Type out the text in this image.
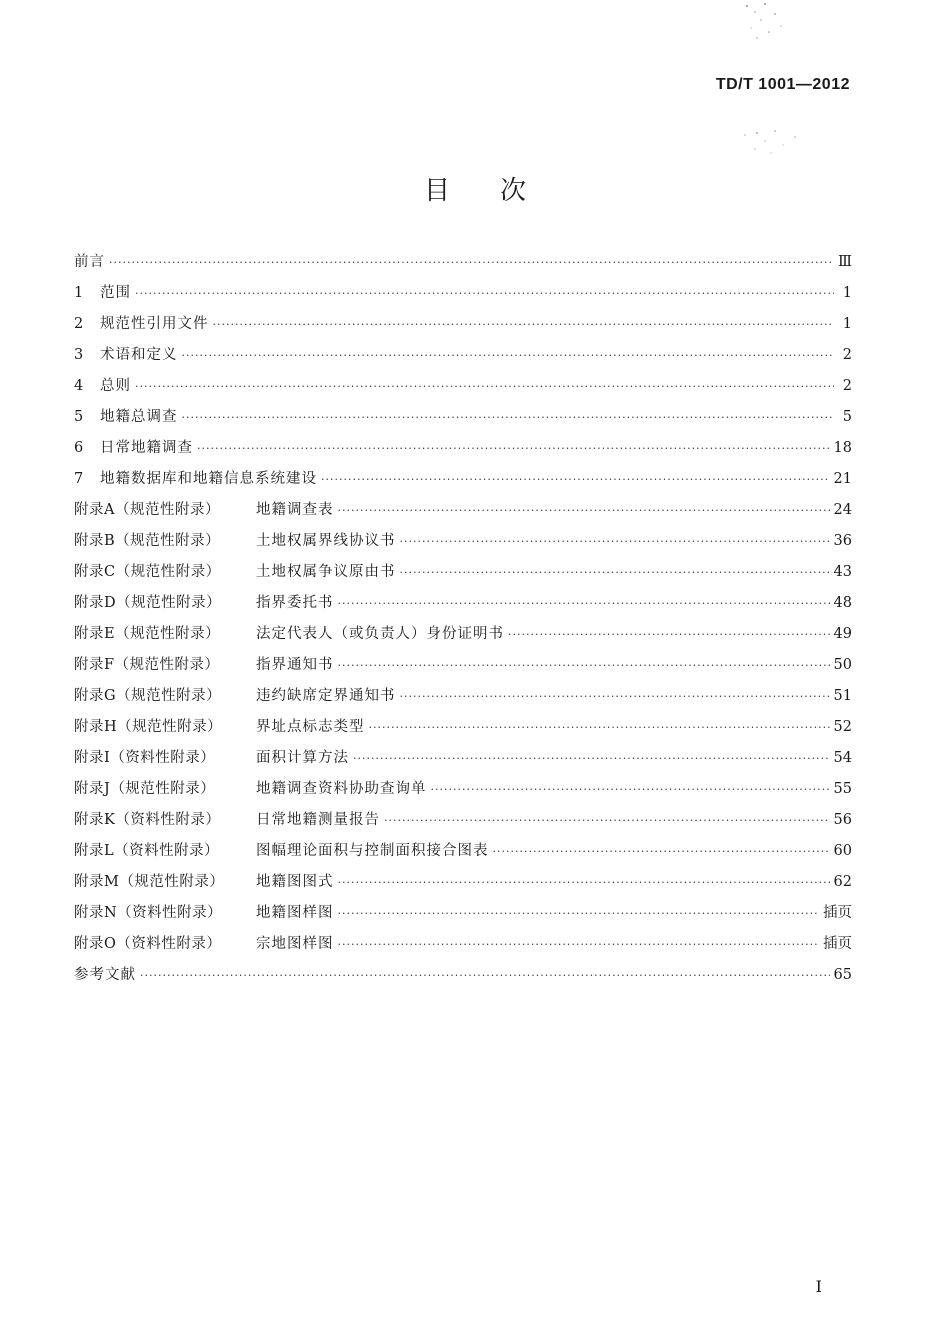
TD/T 1001—2012
目次
前言 ·····	Ⅲ
1	范围 ·····	1
2	规范性引用文件 ·····	1
3	术语和定义 ·····	2
4	总则 ·····	2
5	地籍总调查 ·····	5
6	日常地籍调查 ·····	18
7	地籍数据库和地籍信息系统建设 ·····	21
附录A（规范性附录）	地籍调查表 ·····	24
附录B（规范性附录）	土地权属界线协议书 ·····	36
附录C（规范性附录）	土地权属争议原由书 ·····	43
附录D（规范性附录）	指界委托书 ·····	48
附录E（规范性附录）	法定代表人（或负责人）身份证明书 ·····	49
附录F（规范性附录）	指界通知书 ·····	50
附录G（规范性附录）	违约缺席定界通知书 ·····	51
附录H（规范性附录）	界址点标志类型 ·····	52
附录I（资料性附录）	面积计算方法 ·····	54
附录J（规范性附录）	地籍调查资料协助查询单 ·····	55
附录K（资料性附录）	日常地籍测量报告 ·····	56
附录L（资料性附录）	图幅理论面积与控制面积接合图表 ·····	60
附录M（规范性附录）	地籍图图式 ·····	62
附录N（资料性附录）	地籍图样图 ·····	插页
附录O（资料性附录）	宗地图样图 ·····	插页
参考文献 ·····	65
I
